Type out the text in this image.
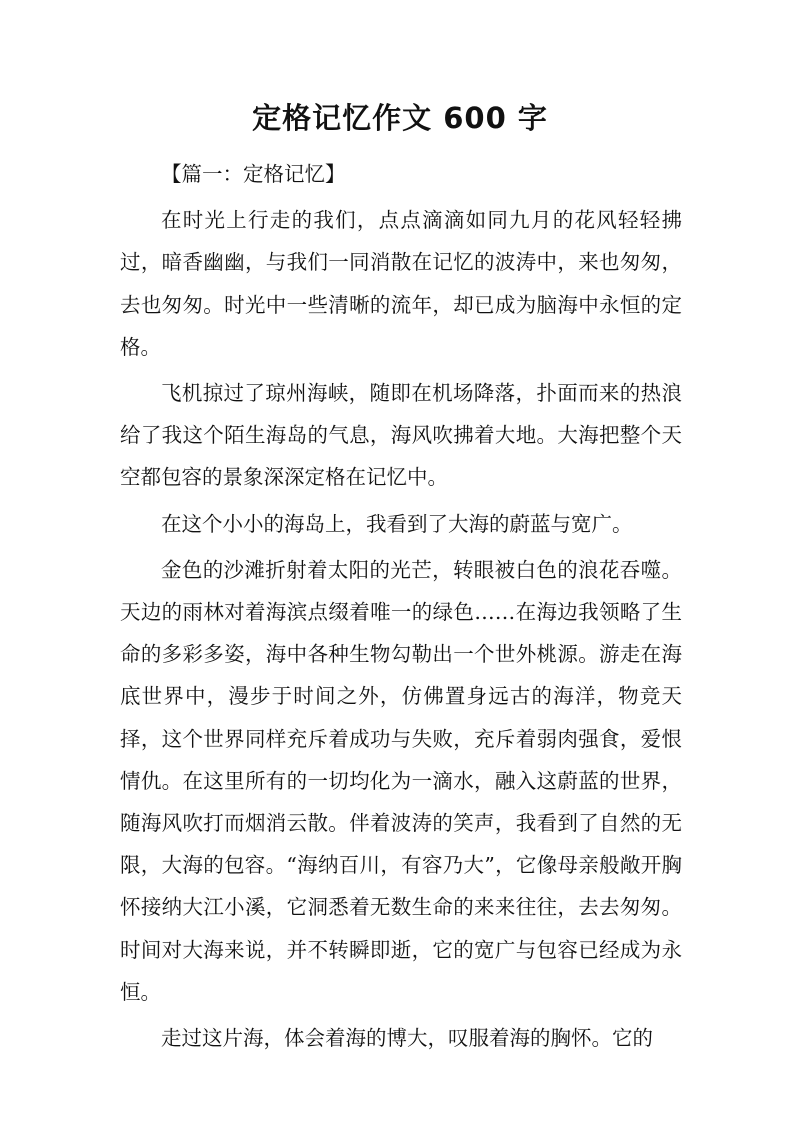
定格记忆作文 600 字

【篇一：定格记忆】

在时光上行走的我们，点点滴滴如同九月的花风轻轻拂过，暗香幽幽，与我们一同消散在记忆的波涛中，来也匆匆，去也匆匆。时光中一些清晰的流年，却已成为脑海中永恒的定格。

飞机掠过了琼州海峡，随即在机场降落，扑面而来的热浪给了我这个陌生海岛的气息，海风吹拂着大地。大海把整个天空都包容的景象深深定格在记忆中。

在这个小小的海岛上，我看到了大海的蔚蓝与宽广。

金色的沙滩折射着太阳的光芒，转眼被白色的浪花吞噬。天边的雨林对着海滨点缀着唯一的绿色……在海边我领略了生命的多彩多姿，海中各种生物勾勒出一个世外桃源。游走在海底世界中，漫步于时间之外，仿佛置身远古的海洋，物竞天择，这个世界同样充斥着成功与失败，充斥着弱肉强食，爱恨情仇。在这里所有的一切均化为一滴水，融入这蔚蓝的世界，随海风吹打而烟消云散。伴着波涛的笑声，我看到了自然的无限，大海的包容。“海纳百川，有容乃大”，它像母亲般敞开胸怀接纳大江小溪，它洞悉着无数生命的来来往往，去去匆匆。时间对大海来说，并不转瞬即逝，它的宽广与包容已经成为永恒。

走过这片海，体会着海的博大，叹服着海的胸怀。它的
